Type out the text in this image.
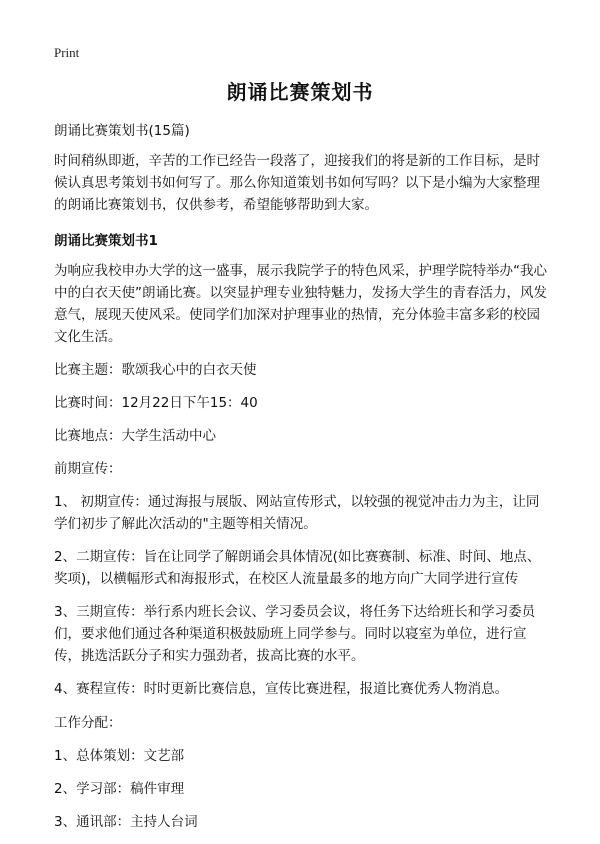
Print
朗诵比赛策划书

朗诵比赛策划书(15篇)

时间稍纵即逝，辛苦的工作已经告一段落了，迎接我们的将是新的工作目标，是时候认真思考策划书如何写了。那么你知道策划书如何写吗？以下是小编为大家整理的朗诵比赛策划书，仅供参考，希望能够帮助到大家。

朗诵比赛策划书1

为响应我校申办大学的这一盛事，展示我院学子的特色风采，护理学院特举办“我心中的白衣天使”朗诵比赛。以突显护理专业独特魅力，发扬大学生的青春活力，风发意气，展现天使风采。使同学们加深对护理事业的热情，充分体验丰富多彩的校园文化生活。

比赛主题：歌颂我心中的白衣天使

比赛时间：12月22日下午15：40

比赛地点：大学生活动中心

前期宣传：

1、 初期宣传：通过海报与展版、网站宣传形式，以较强的视觉冲击力为主，让同学们初步了解此次活动的"主题等相关情况。

2、二期宣传：旨在让同学了解朗诵会具体情况(如比赛赛制、标准、时间、地点、奖项)，以横幅形式和海报形式，在校区人流量最多的地方向广大同学进行宣传

3、三期宣传：举行系内班长会议、学习委员会议，将任务下达给班长和学习委员们，要求他们通过各种渠道积极鼓励班上同学参与。同时以寝室为单位，进行宣传，挑选活跃分子和实力强劲者，拔高比赛的水平。

4、赛程宣传：时时更新比赛信息，宣传比赛进程，报道比赛优秀人物消息。

工作分配：

1、总体策划：文艺部

2、学习部：稿件审理

3、通讯部：主持人台词
